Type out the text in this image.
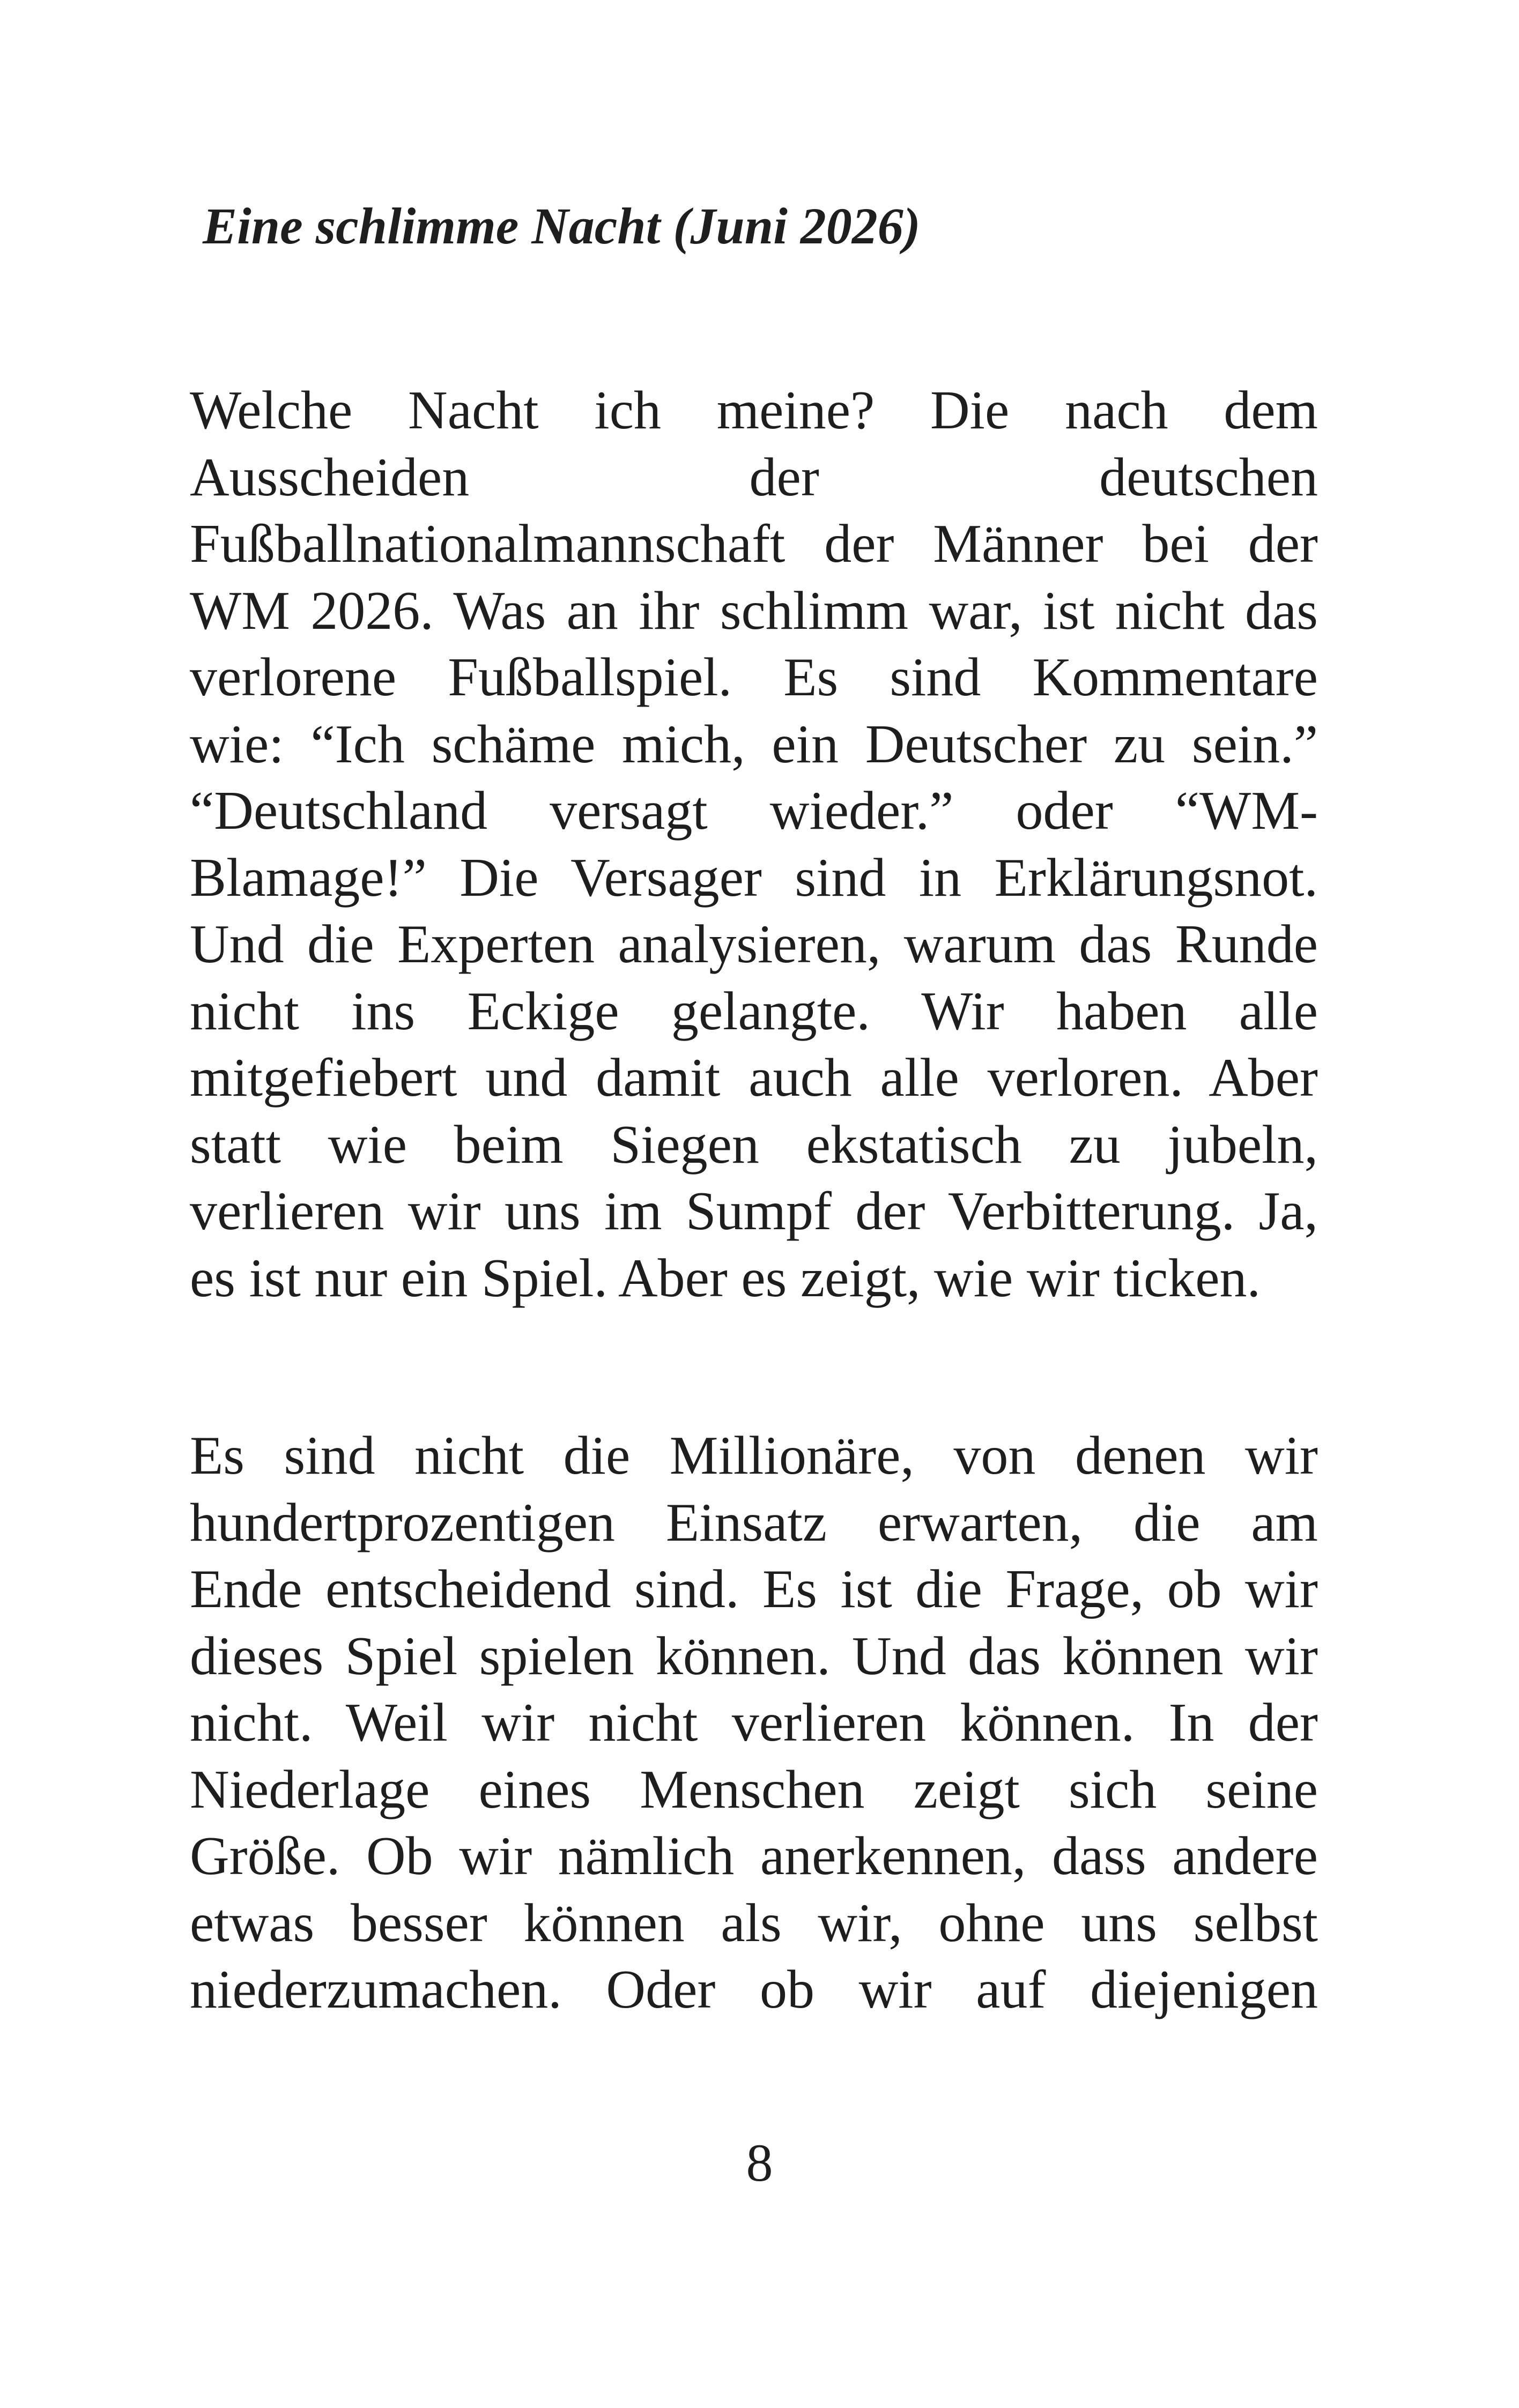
Eine schlimme Nacht (Juni 2026)
Welche Nacht ich meine? Die nach dem
Ausscheiden der deutschen
Fußballnationalmannschaft der Männer bei der
WM 2026. Was an ihr schlimm war, ist nicht das
verlorene Fußballspiel. Es sind Kommentare
wie: “Ich schäme mich, ein Deutscher zu sein.”
“Deutschland versagt wieder.” oder “WM-
Blamage!” Die Versager sind in Erklärungsnot.
Und die Experten analysieren, warum das Runde
nicht ins Eckige gelangte. Wir haben alle
mitgefiebert und damit auch alle verloren. Aber
statt wie beim Siegen ekstatisch zu jubeln,
verlieren wir uns im Sumpf der Verbitterung. Ja,
es ist nur ein Spiel. Aber es zeigt, wie wir ticken.
Es sind nicht die Millionäre, von denen wir
hundertprozentigen Einsatz erwarten, die am
Ende entscheidend sind. Es ist die Frage, ob wir
dieses Spiel spielen können. Und das können wir
nicht. Weil wir nicht verlieren können. In der
Niederlage eines Menschen zeigt sich seine
Größe. Ob wir nämlich anerkennen, dass andere
etwas besser können als wir, ohne uns selbst
niederzumachen. Oder ob wir auf diejenigen
8
